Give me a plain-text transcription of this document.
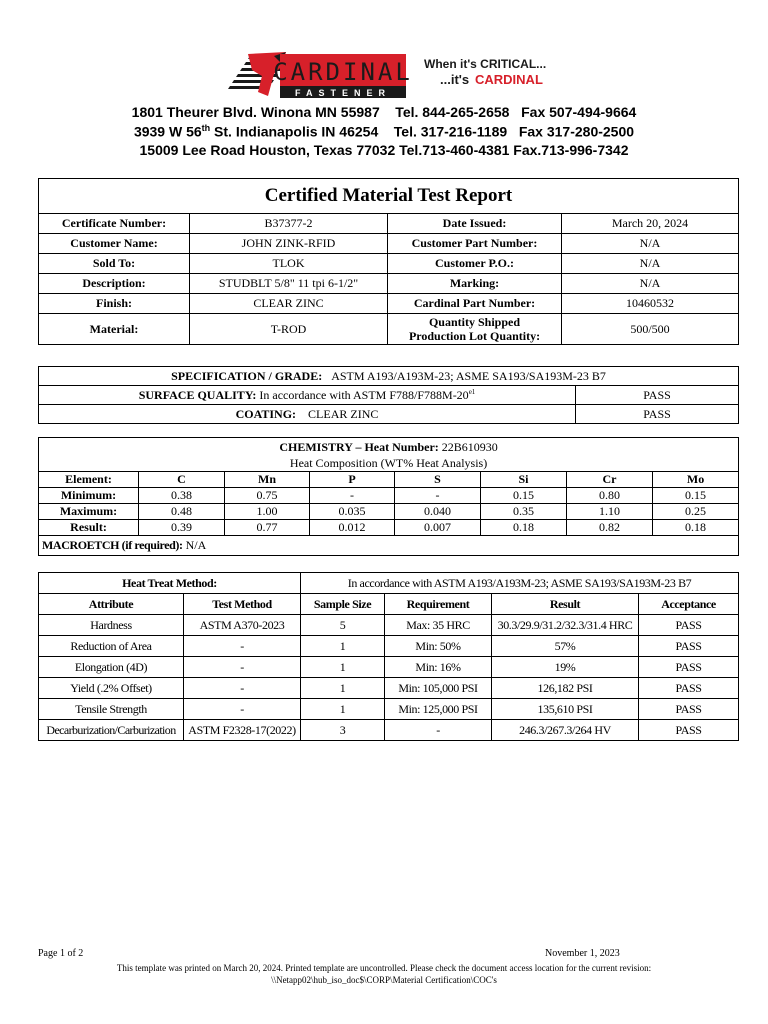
CARDINAL
FASTENER
When it's CRITICAL...
...it's CARDINAL
1801 Theurer Blvd. Winona MN 55987    Tel. 844-265-2658   Fax 507-494-9664
3939 W 56th St. Indianapolis IN 46254    Tel. 317-216-1189   Fax 317-280-2500
15009 Lee Road Houston, Texas 77032 Tel.713-460-4381 Fax.713-996-7342
Certified Material Test Report			
Certificate Number:	B37377-2	Date Issued:	March 20, 2024
Customer Name:	JOHN ZINK-RFID	Customer Part Number:	N/A
Sold To:	TLOK	Customer P.O.:	N/A
Description:	STUDBLT 5/8" 11 tpi 6-1/2"	Marking:	N/A
Finish:	CLEAR ZINC	Cardinal Part Number:	10460532
Material:	T-ROD	Quantity Shipped
Production Lot Quantity:	500/500
SPECIFICATION / GRADE: ASTM A193/A193M-23; ASME SA193/SA193M-23 B7	
SURFACE QUALITY: In accordance with ASTM $F788/F788M-20^{e1}$	PASS
COATING: CLEAR ZINC	PASS
CHEMISTRY – Heat Number: 22B610930
Heat Composition (WT% Heat Analysis)							

Element:	C	Mn	P	S	Si	Cr	Mo
Minimum:	0.38	0.75	-	-	0.15	0.80	0.15
Maximum:	0.48	1.00	0.035	0.040	0.35	1.10	0.25
Result:	0.39	0.77	0.012	0.007	0.18	0.82	0.18
MACROETCH (if required): N/A							
Heat Treat Method:		In accordance with ASTM A193/A193M-23; ASME SA193/SA193M-23 B7			
Attribute	Test Method	Sample Size	Requirement	Result	Acceptance
Hardness	ASTM A370-2023	5	Max: 35 HRC	30.3/29.9/31.2/32.3/31.4 HRC	PASS
Reduction of Area	-	1	Min: 50%	57%	PASS
Elongation (4D)	-	1	Min: 16%	19%	PASS
Yield (.2% Offset)	-	1	Min: 105,000 PSI	126,182 PSI	PASS
Tensile Strength	-	1	Min: 125,000 PSI	135,610 PSI	PASS
Decarburization/Carburization	ASTM F2328-17(2022)	3	-	246.3/267.3/264 HV	PASS
Page 1 of 2	November 1, 2023
This template was printed on March 20, 2024. Printed template are uncontrolled. Please check the document access location for the current revision:
\\Netapp02\hub_iso_doc$\CORP\Material Certification\COC's
